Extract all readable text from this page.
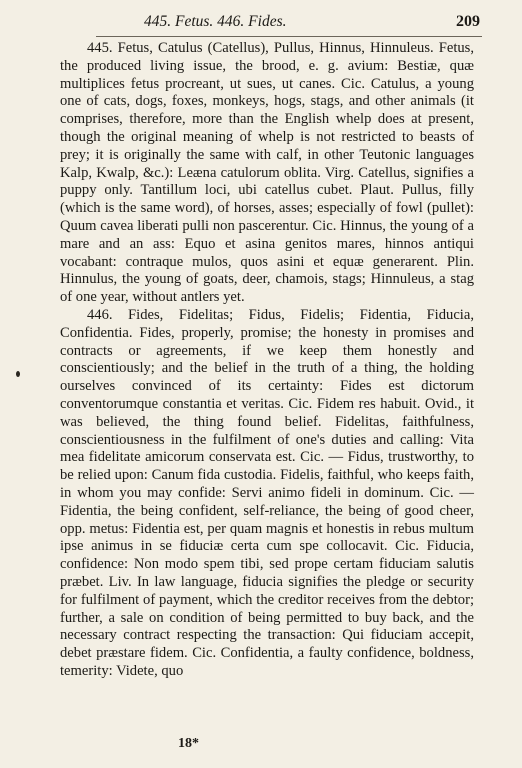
445. Fetus. 446. Fides.	209

445. Fetus, Catulus (Catellus), Pullus, Hinnus, Hinnuleus. Fetus, the produced living issue, the brood, e. g. avium: Bestiæ, quæ multiplices fetus procreant, ut sues, ut canes. Cic. Catulus, a young one of cats, dogs, foxes, monkeys, hogs, stags, and other animals (it comprises, therefore, more than the English whelp does at present, though the original meaning of whelp is not restricted to beasts of prey; it is originally the same with calf, in other Teutonic languages Kalp, Kwalp, &c.): Leæna catulorum oblita. Virg. Catellus, signifies a puppy only. Tantillum loci, ubi catellus cubet. Plaut. Pullus, filly (which is the same word), of horses, asses; especially of fowl (pullet): Quum cavea liberati pulli non pascerentur. Cic. Hinnus, the young of a mare and an ass: Equo et asina genitos mares, hinnos antiqui vocabant: contraque mulos, quos asini et equæ generarent. Plin. Hinnulus, the young of goats, deer, chamois, stags; Hinnuleus, a stag of one year, without antlers yet.

446. Fides, Fidelitas; Fidus, Fidelis; Fidentia, Fiducia, Confidentia. Fides, properly, promise; the honesty in promises and contracts or agreements, if we keep them honestly and conscientiously; and the belief in the truth of a thing, the holding ourselves convinced of its certainty: Fides est dictorum conventorumque constantia et veritas. Cic. Fidem res habuit. Ovid., it was believed, the thing found belief. Fidelitas, faithfulness, conscientiousness in the fulfilment of one's duties and calling: Vita mea fidelitate amicorum conservata est. Cic. — Fidus, trustworthy, to be relied upon: Canum fida custodia. Fidelis, faithful, who keeps faith, in whom you may confide: Servi animo fideli in dominum. Cic. — Fidentia, the being confident, self-reliance, the being of good cheer, opp. metus: Fidentia est, per quam magnis et honestis in rebus multum ipse animus in se fiduciæ certa cum spe collocavit. Cic. Fiducia, confidence: Non modo spem tibi, sed prope certam fiduciam salutis præbet. Liv. In law language, fiducia signifies the pledge or security for fulfilment of payment, which the creditor receives from the debtor; further, a sale on condition of being permitted to buy back, and the necessary contract respecting the transaction: Qui fiduciam accepit, debet præstare fidem. Cic. Confidentia, a faulty confidence, boldness, temerity: Videte, quo

18*
